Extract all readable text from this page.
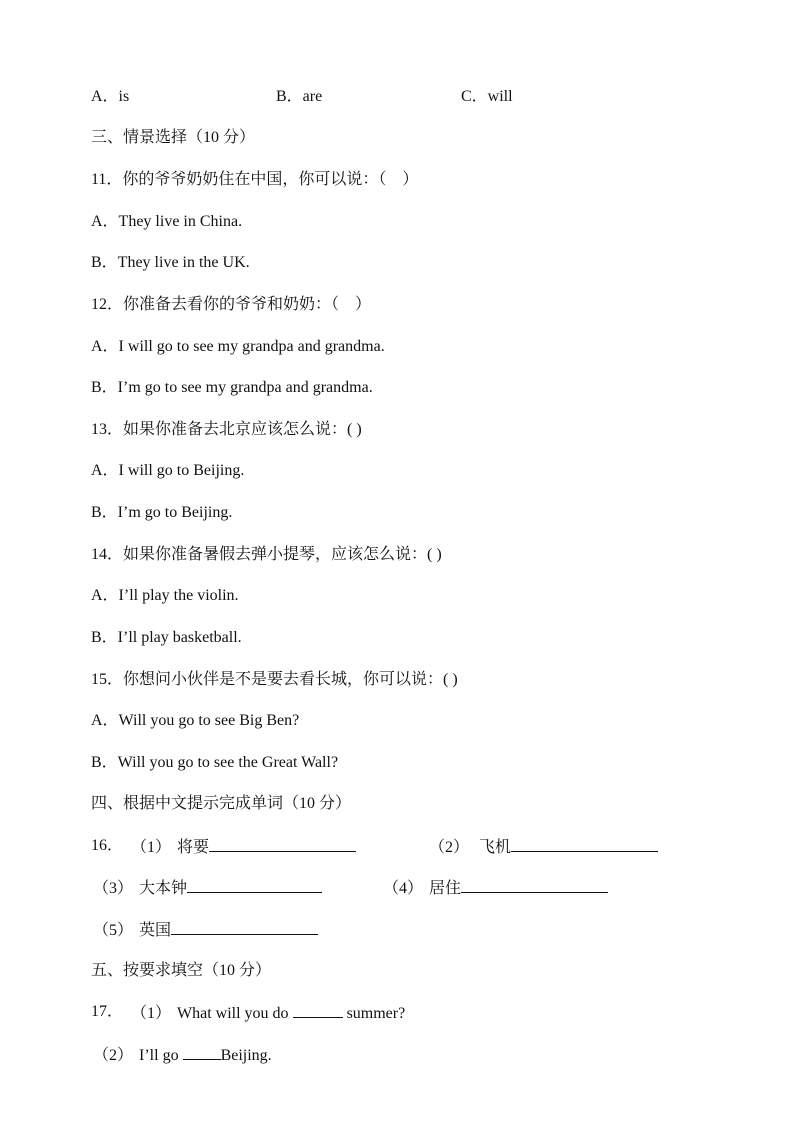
A．is	B．are	C．will
三、情景选择（10 分）
11．你的爷爷奶奶住在中国，你可以说：（　）
A．They live in China.
B．They live in the UK.
12．你准备去看你的爷爷和奶奶：（　）
A．I will go to see my grandpa and grandma.
B．I’m go to see my grandpa and grandma.
13．如果你准备去北京应该怎么说：( )
A．I will go to Beijing.
B．I’m go to Beijing.
14．如果你准备暑假去弹小提琴，应该怎么说：( )
A．I’ll play the violin.
B．I’ll play basketball.
15．你想问小伙伴是不是要去看长城，你可以说：( )
A．Will you go to see Big Ben?
B．Will you go to see the Great Wall?
四、根据中文提示完成单词（10 分）
16． （1） 将要	（2） 飞机
（3） 大本钟	（4） 居住
（5） 英国
五、按要求填空（10 分）
17． （1） What will you do	summer?
（2） I’ll go Beijing.
